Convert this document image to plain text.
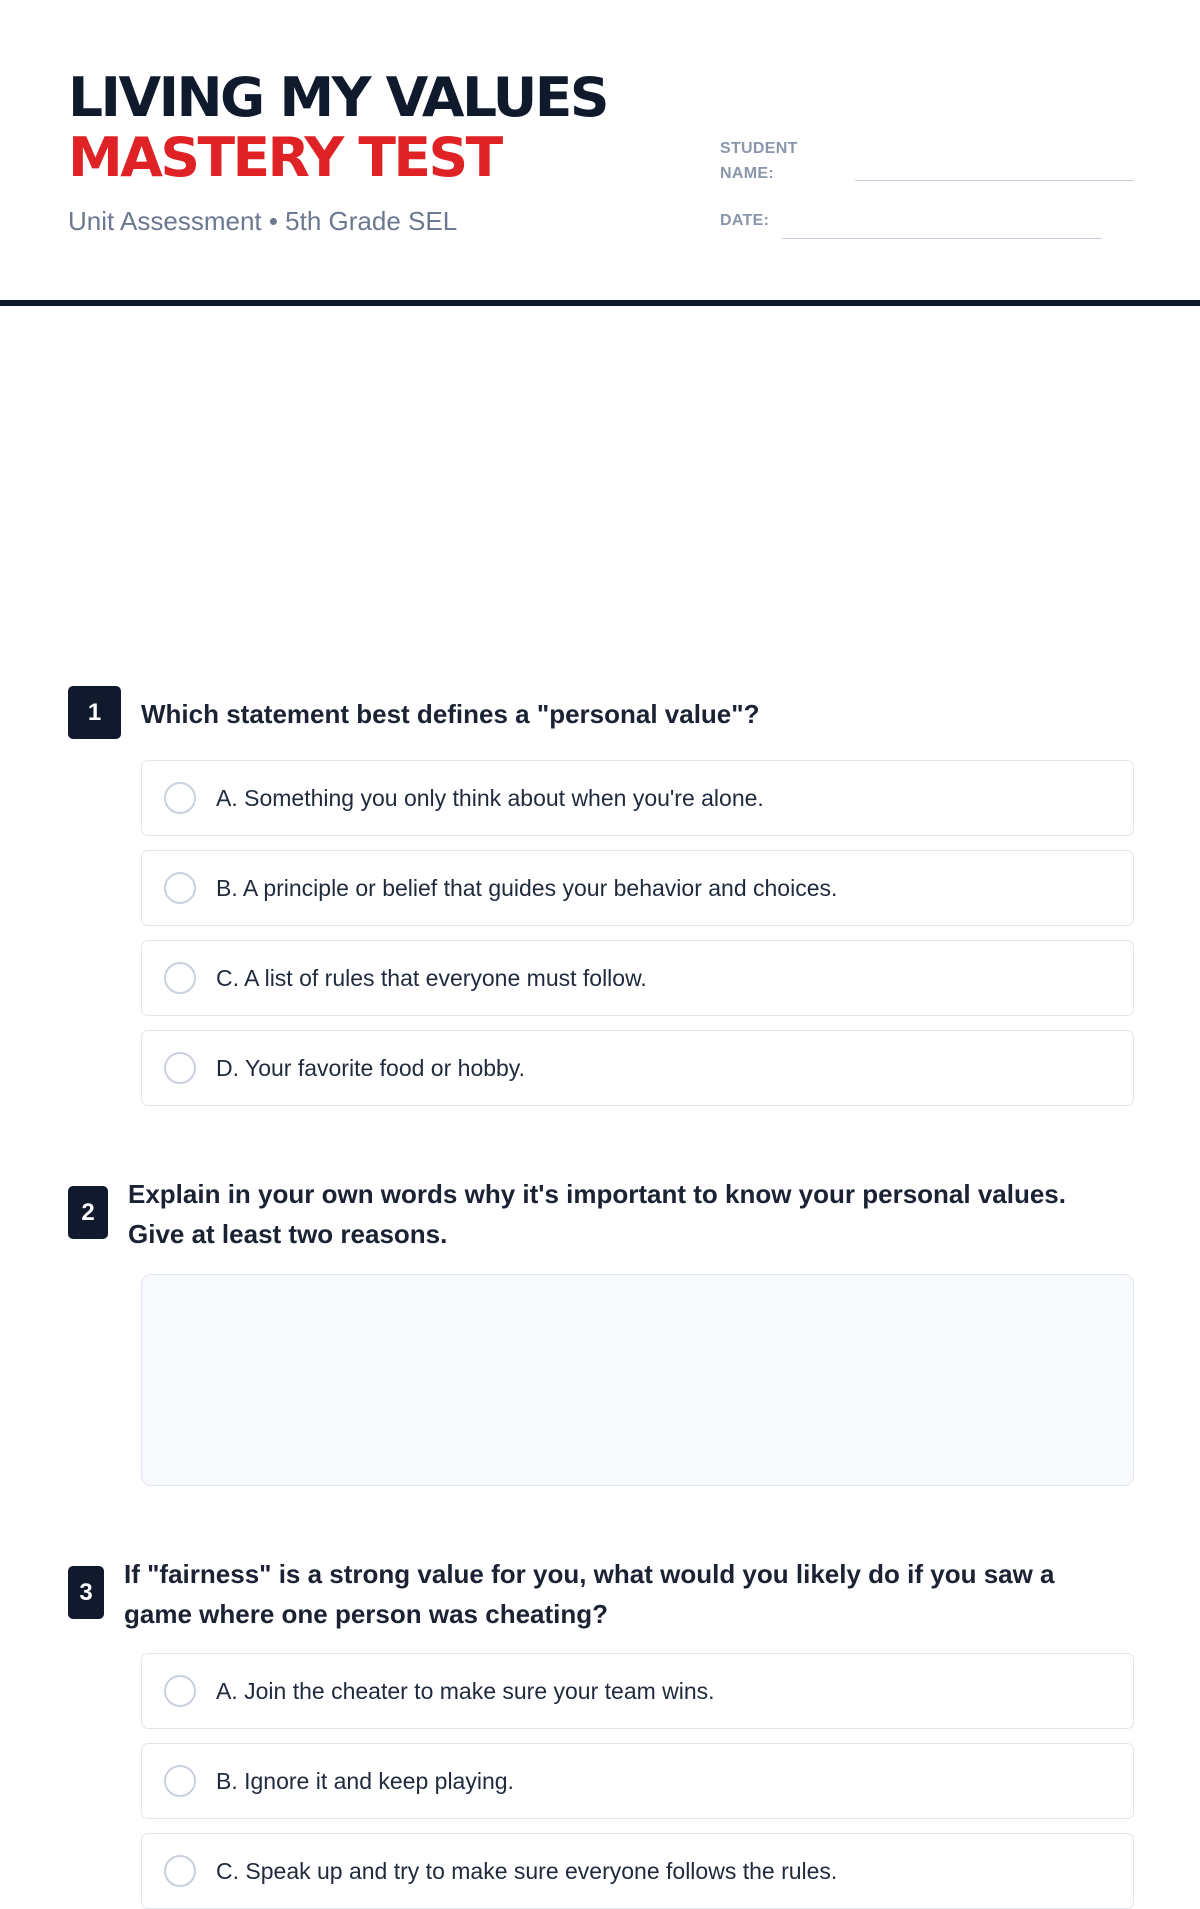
LIVING MY VALUES
MASTERY TEST
Unit Assessment • 5th Grade SEL
STUDENT
NAME:
DATE:
1	Which statement best defines a "personal value"?
A. Something you only think about when you're alone.
B. A principle or belief that guides your behavior and choices.
C. A list of rules that everyone must follow.
D. Your favorite food or hobby.
2
Explain in your own words why it's important to know your personal values.
Give at least two reasons.
3
If "fairness" is a strong value for you, what would you likely do if you saw a
game where one person was cheating?
A. Join the cheater to make sure your team wins.
B. Ignore it and keep playing.
C. Speak up and try to make sure everyone follows the rules.
